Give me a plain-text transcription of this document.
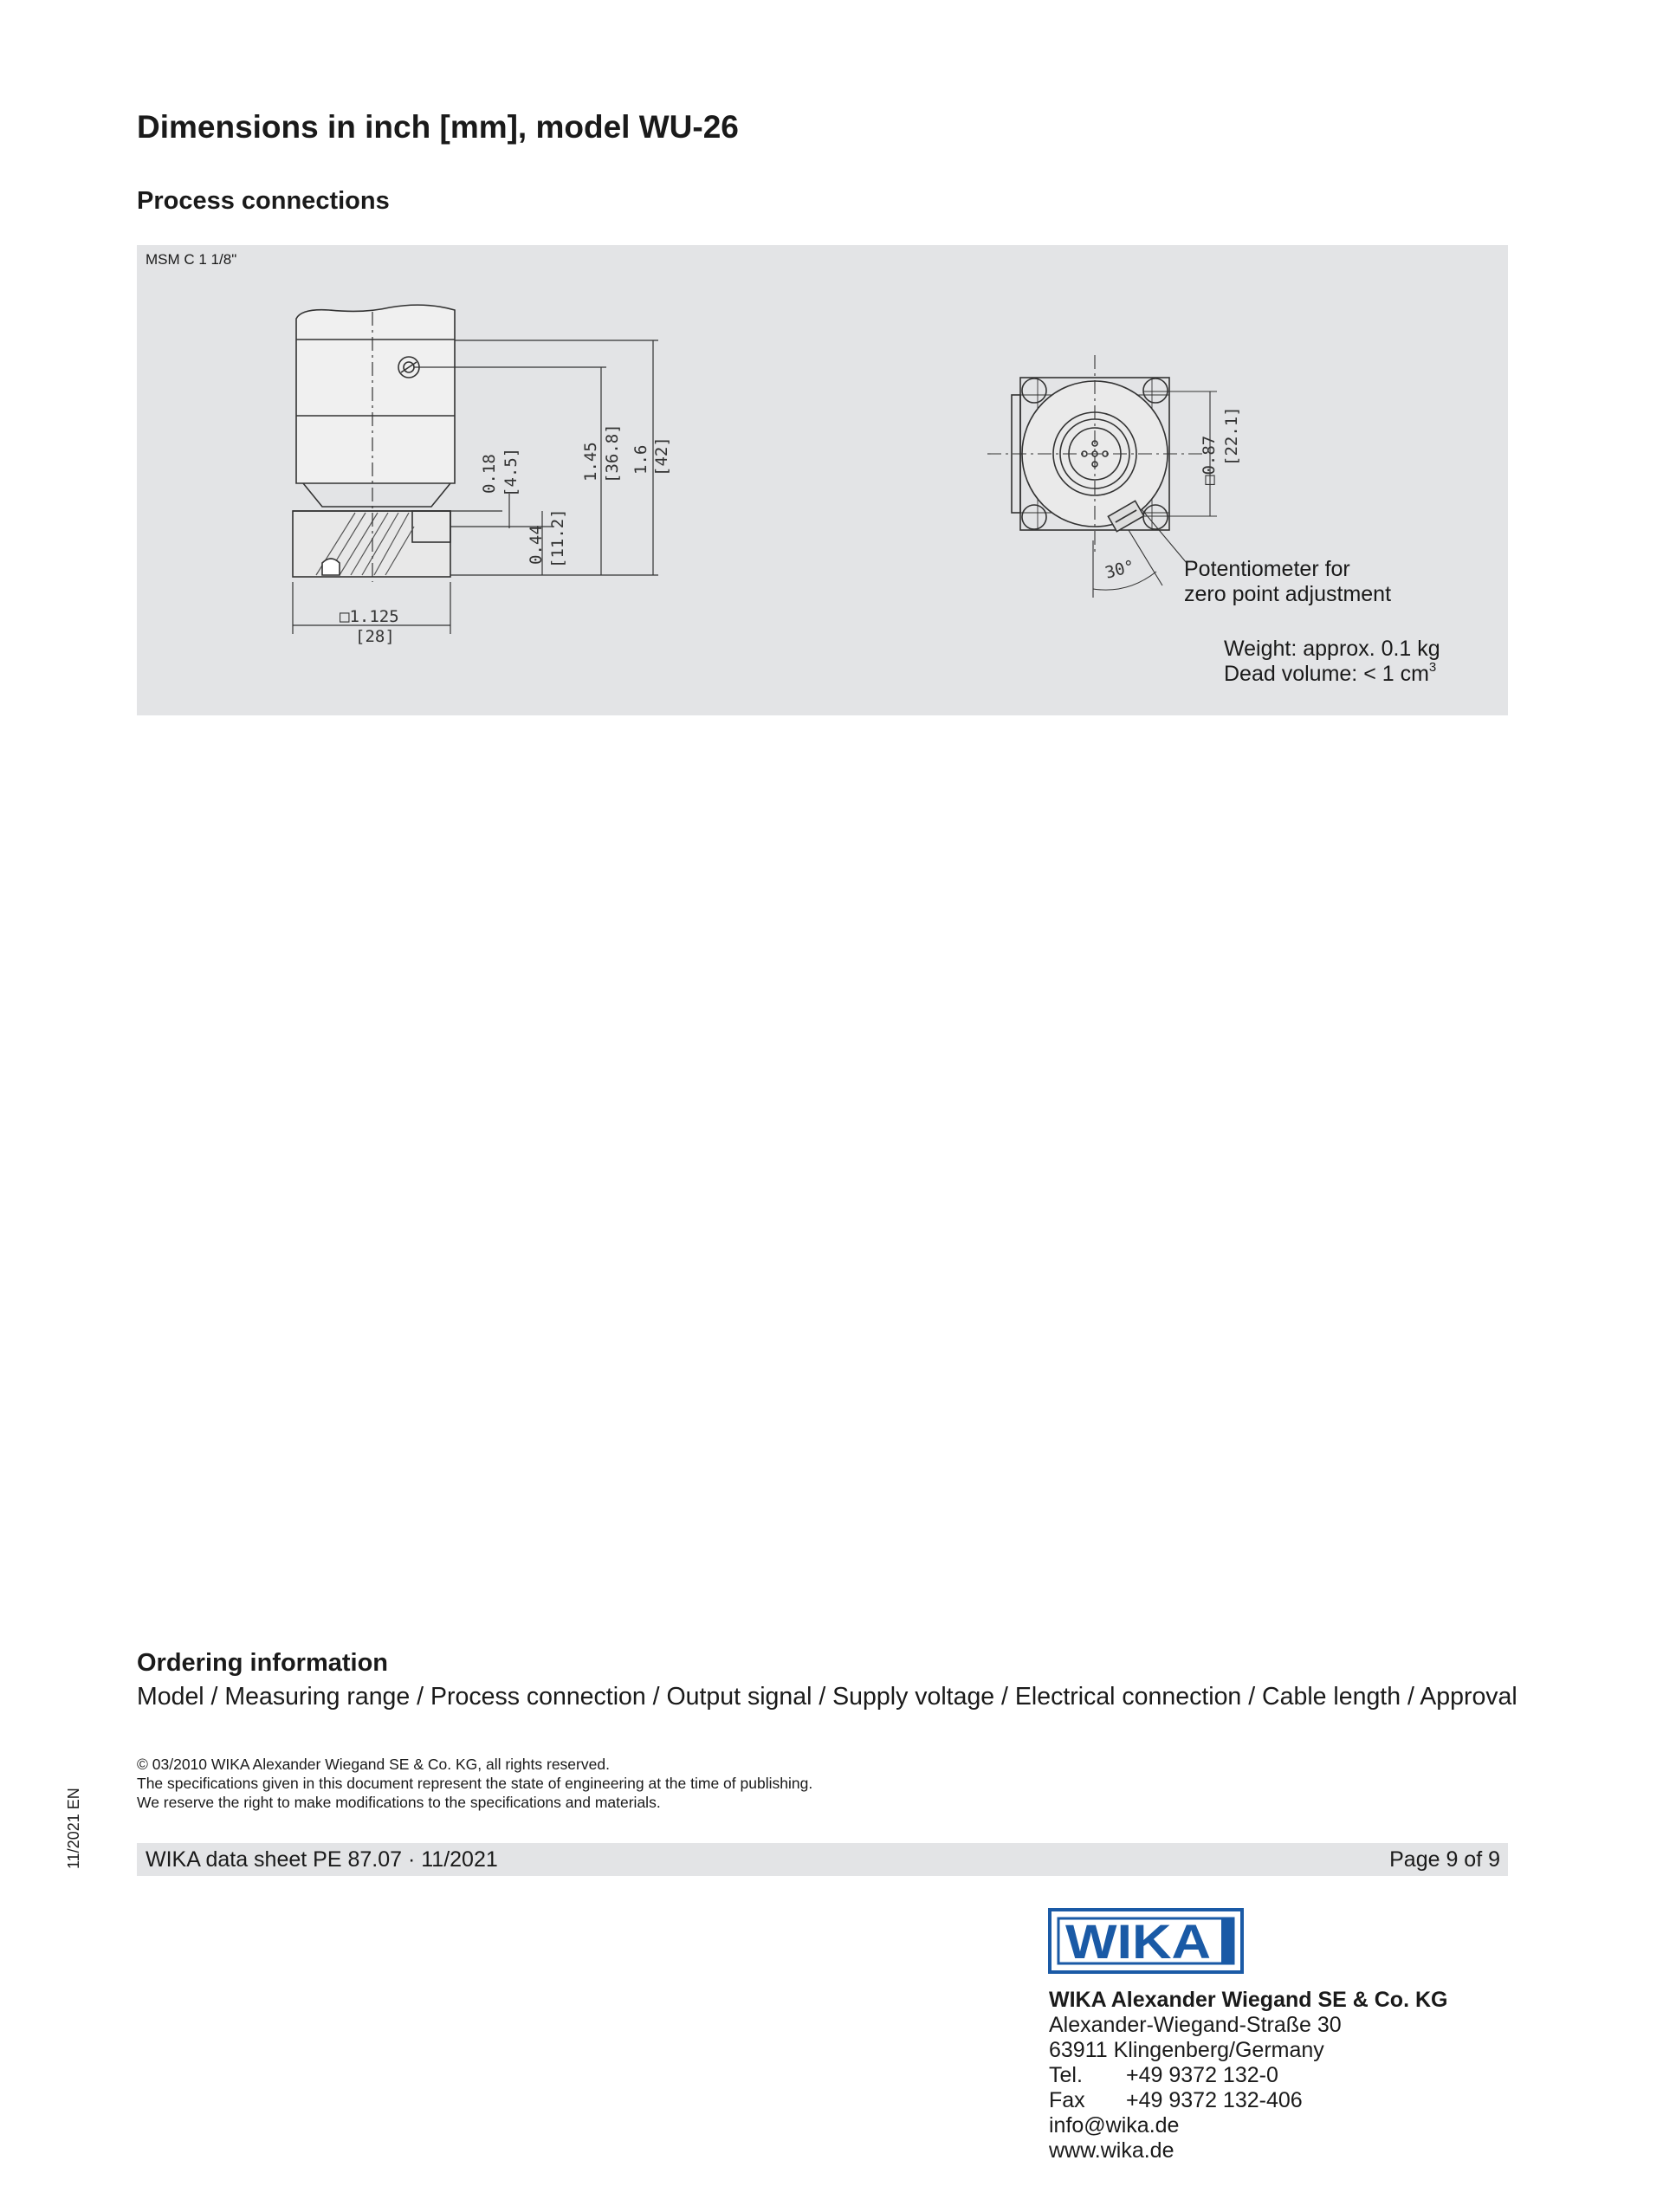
Dimensions in inch [mm], model WU-26
Process connections
MSM C 1 1/8"
0.18 [4.5]
0.44 [11.2]
1.45 [36.8] 1.6 [42]
□1.125
[28]
□0.87 [22.1]
30° Potentiometer for
zero point adjustment
Weight: approx. 0.1 kg
Dead volume: < 1 $cm^3$
Ordering information
Model / Measuring range / Process connection / Output signal / Supply voltage / Electrical connection / Cable length / Approval
© 03/2010 WIKA Alexander Wiegand SE & Co. KG, all rights reserved.
The specifications given in this document represent the state of engineering at the time of publishing.
We reserve the right to make modifications to the specifications and materials.
WIKA data sheet PE 87.07 · 11/2021	Page 9 of 9
11/2021 EN
WIKA
WIKA Alexander Wiegand SE & Co. KG
Alexander-Wiegand-Straße 30
63911 Klingenberg/Germany
Tel. +49 9372 132-0
Fax +49 9372 132-406
info@wika.de
www.wika.de
